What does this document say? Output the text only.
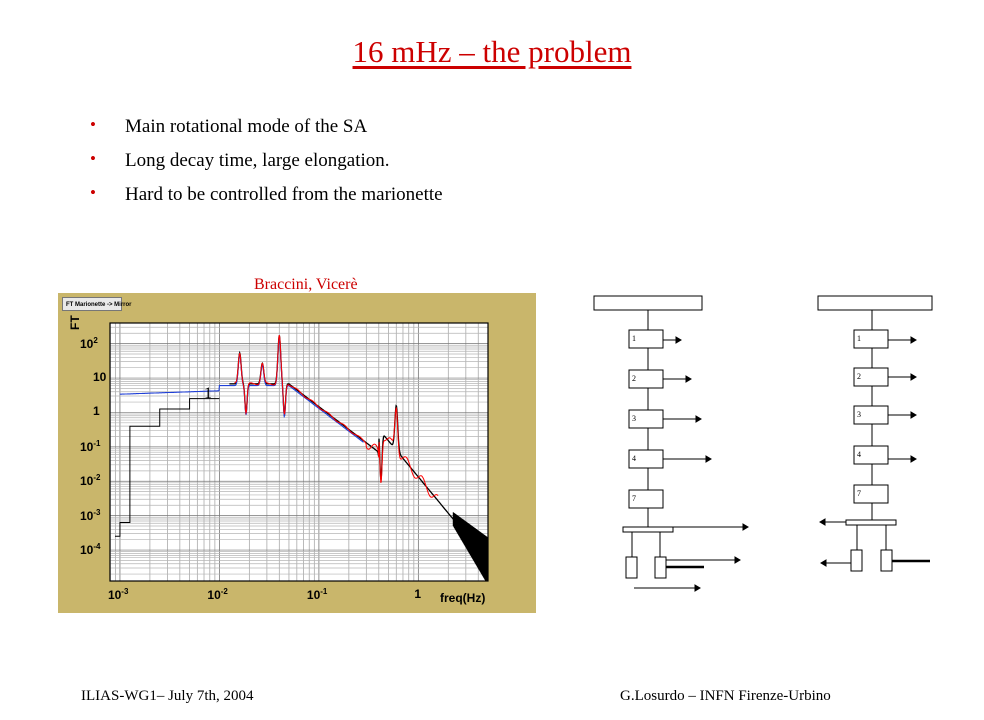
16 mHz – the problem
• Main rotational mode of the SA
• Long decay time, large elongation.
• Hard to be controlled from the marionette
Braccini, Vicerè
FT Marionette -> Mirror
FT
freq(Hz)
$10^2$
10
1
$10^{-1}$
$10^{-2}$
$10^{-3}$
$10^{-4}$
$10^{-3}$	$10^{-2}$	$10^{-1}$	1
1
1
2
3
4
7
1
2
3
4
7
ILIAS-WG1– July 7th, 2004	G.Losurdo – INFN Firenze-Urbino
